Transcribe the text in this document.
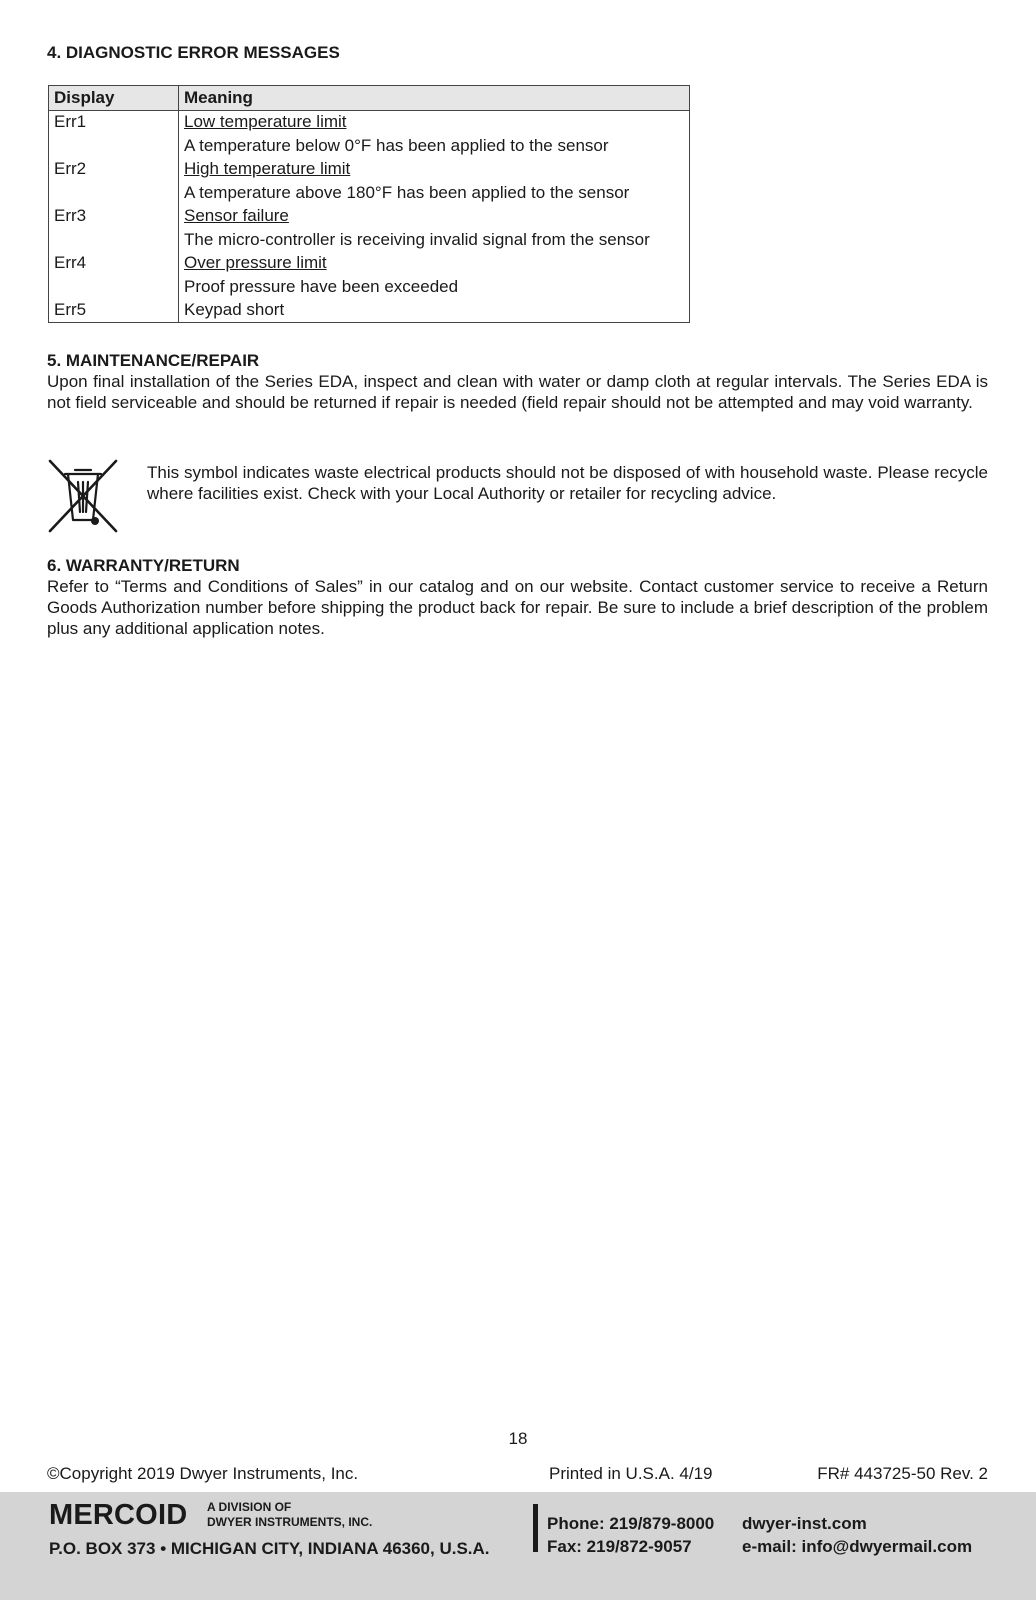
4. DIAGNOSTIC ERROR MESSAGES
Display	Meaning
Err1	Low temperature limit
	A temperature below 0°F has been applied to the sensor
Err2	High temperature limit
	A temperature above 180°F has been applied to the sensor
Err3	Sensor failure
	The micro-controller is receiving invalid signal from the sensor
Err4	Over pressure limit
	Proof pressure have been exceeded
Err5	Keypad short
5. MAINTENANCE/REPAIR
Upon final installation of the Series EDA, inspect and clean with water or damp cloth at regular intervals. The Series EDA is not field serviceable and should be returned if repair is needed (field repair should not be attempted and may void warranty.
This symbol indicates waste electrical products should not be disposed of with household waste. Please recycle where facilities exist. Check with your Local Authority or retailer for recycling advice.
6. WARRANTY/RETURN
Refer to “Terms and Conditions of Sales” in our catalog and on our website. Contact customer service to receive a Return Goods Authorization number before shipping the product back for repair. Be sure to include a brief description of the problem plus any additional application notes.
18
©Copyright 2019 Dwyer Instruments, Inc.	Printed in U.S.A. 4/19	FR# 443725-50 Rev. 2
MERCOID A DIVISION OF
DWYER INSTRUMENTS, INC.
P.O. BOX 373 • MICHIGAN CITY, INDIANA 46360, U.S.A.
Phone: 219/879-8000
Fax: 219/872-9057
dwyer-inst.com
e-mail: info@dwyermail.com
